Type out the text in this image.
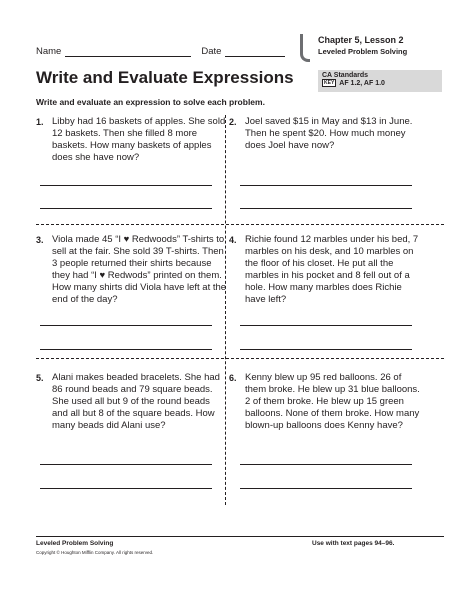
Name	Date
Chapter 5, Lesson 2
Leveled Problem Solving
Write and Evaluate Expressions	CA Standards
KEY AF 1.2, AF 1.0
Write and evaluate an expression to solve each problem.
1. Libby had 16 baskets of apples. She sold 12 baskets. Then she filled 8 more baskets. How many baskets of apples does she have now?
2. Joel saved $15 in May and $13 in June. Then he spent $20. How much money does Joel have now?
3. Viola made 45 “I ♥ Redwoods” T-shirts to sell at the fair. She sold 39 T-shirts. Then 3 people returned their shirts because they had “I ♥ Redwods” printed on them. How many shirts did Viola have left at the end of the day?
4. Richie found 12 marbles under his bed, 7 marbles on his desk, and 10 marbles on the floor of his closet. He put all the marbles in his pocket and 8 fell out of a hole. How many marbles does Richie have left?
5. Alani makes beaded bracelets. She had 86 round beads and 79 square beads. She used all but 9 of the round beads and all but 8 of the square beads. How many beads did Alani use?
6. Kenny blew up 95 red balloons. 26 of them broke. He blew up 31 blue balloons. 2 of them broke. He blew up 15 green balloons. None of them broke. How many blown-up balloons does Kenny have?
Leveled Problem Solving
Copyright © Houghton Mifflin Company. All rights reserved.
Use with text pages 94–96.
